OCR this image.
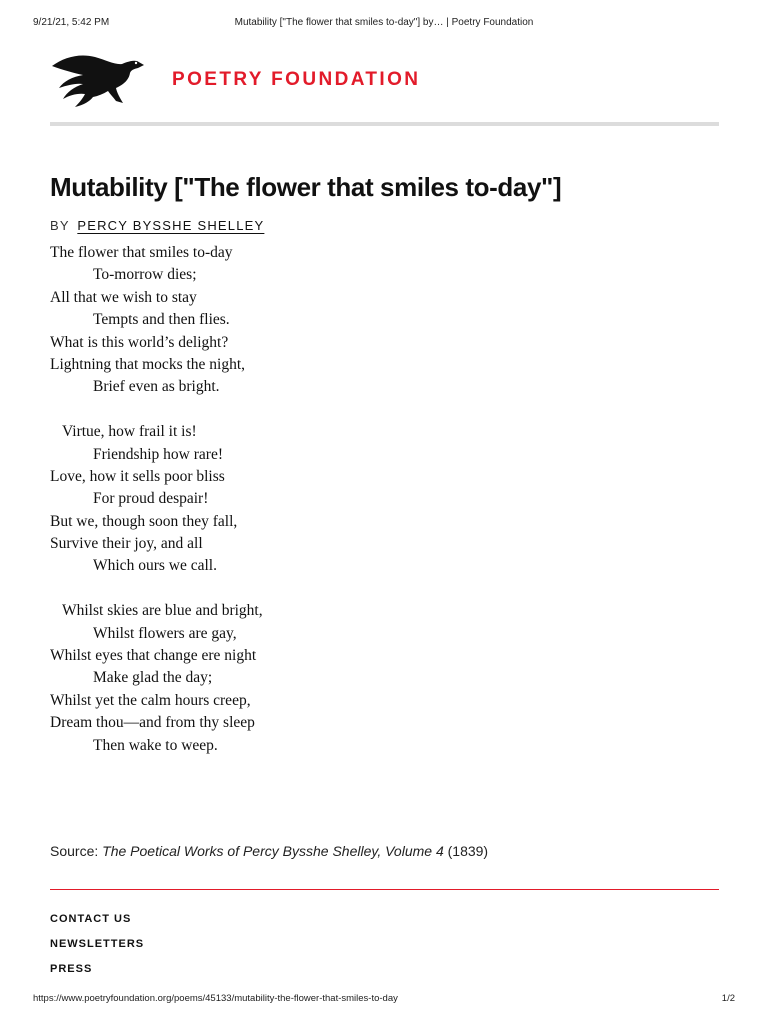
9/21/21, 5:42 PM	Mutability ["The flower that smiles to-day"] by… | Poetry Foundation
POETRY FOUNDATION
Mutability ["The flower that smiles to-day"]
BY PERCY BYSSHE SHELLEY
The flower that smiles to-day
To-morrow dies;
All that we wish to stay
Tempts and then flies.
What is this world’s delight?
Lightning that mocks the night,
Brief even as bright.
Virtue, how frail it is!
Friendship how rare!
Love, how it sells poor bliss
For proud despair!
But we, though soon they fall,
Survive their joy, and all
Which ours we call.
Whilst skies are blue and bright,
Whilst flowers are gay,
Whilst eyes that change ere night
Make glad the day;
Whilst yet the calm hours creep,
Dream thou—and from thy sleep
Then wake to weep.
Source: The Poetical Works of Percy Bysshe Shelley, Volume 4 (1839)
CONTACT US
NEWSLETTERS
PRESS
https://www.poetryfoundation.org/poems/45133/mutability-the-flower-that-smiles-to-day	1/2
